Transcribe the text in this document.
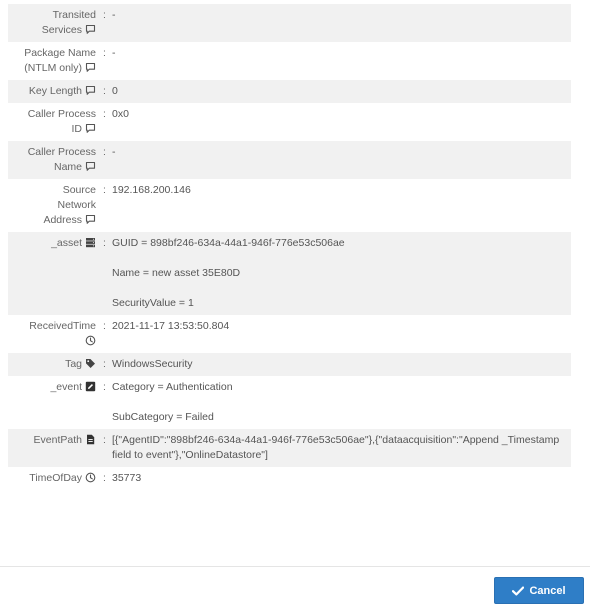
Transited
Services
: -
Package Name
(NTLM only)
: -
Key Length	: 0
Caller Process
ID
: 0x0
Caller Process
Name
: -
Source
Network
Address
: 192.168.200.146
_asset	: GUID = 898bf246-634a-44a1-946f-776e53c506ae
Name = new asset 35E80D
SecurityValue = 1
ReceivedTime : 2021-11-17 13:53:50.804
Tag	: WindowsSecurity
_event	: Category = Authentication
SubCategory = Failed
EventPath	: [{"AgentID":"898bf246-634a-44a1-946f-776e53c506ae"},{"dataacquisition":"Append _Timestamp field to event"},"OnlineDatastore"]
TimeOfDay	: 35773
Cancel
